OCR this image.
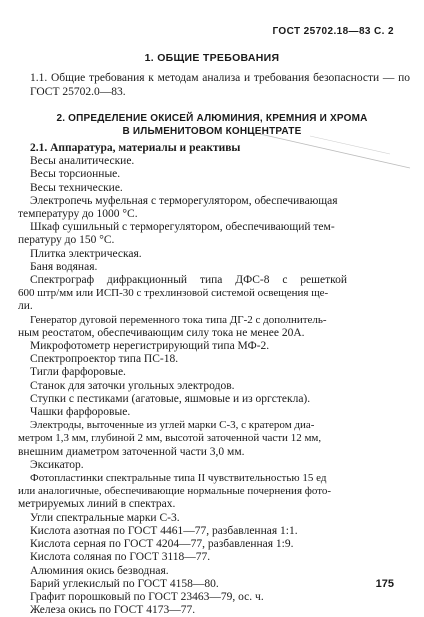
ГОСТ 25702.18—83 С. 2
1. ОБЩИЕ ТРЕБОВАНИЯ
1.1. Общие требования к методам анализа и требования безопасности — по ГОСТ 25702.0—83.
2. ОПРЕДЕЛЕНИЕ ОКИСЕЙ АЛЮМИНИЯ, КРЕМНИЯ И ХРОМА
В ИЛЬМЕНИТОВОМ КОНЦЕНТРАТЕ
2.1. Аппаратура, материалы и реактивы
Весы аналитические.
Весы торсионные.
Весы технические.
Электропечь муфельная с терморегулятором, обеспечивающая
температуру до 1000 °С.
Шкаф сушильный с терморегулятором, обеспечивающий тем-
пературу до 150 °С.
Плитка электрическая.
Баня водяная.
Спектрограф дифракционный типа ДФС-8 с решеткой
600 штр/мм или ИСП-30 с трехлинзовой системой освещения ще-
ли.
Генератор дуговой переменного тока типа ДГ-2 с дополнитель-
ным реостатом, обеспечивающим силу тока не менее 20А.
Микрофотометр нерегистрирующий типа МФ-2.
Спектропроектор типа ПС-18.
Тигли фарфоровые.
Станок для заточки угольных электродов.
Ступки с пестиками (агатовые, яшмовые и из оргстекла).
Чашки фарфоровые.
Электроды, выточенные из углей марки С-3, с кратером диа-
метром 1,3 мм, глубиной 2 мм, высотой заточенной части 12 мм,
внешним диаметром заточенной части 3,0 мм.
Эксикатор.
Фотопластинки спектральные типа II чувствительностью 15 ед
или аналогичные, обеспечивающие нормальные почернения фото-
метрируемых линий в спектрах.
Угли спектральные марки С-3.
Кислота азотная по ГОСТ 4461—77, разбавленная 1:1.
Кислота серная по ГОСТ 4204—77, разбавленная 1:9.
Кислота соляная по ГОСТ 3118—77.
Алюминия окись безводная.
Барий углекислый по ГОСТ 4158—80.
Графит порошковый по ГОСТ 23463—79, ос. ч.
Железа окись по ГОСТ 4173—77.
175
